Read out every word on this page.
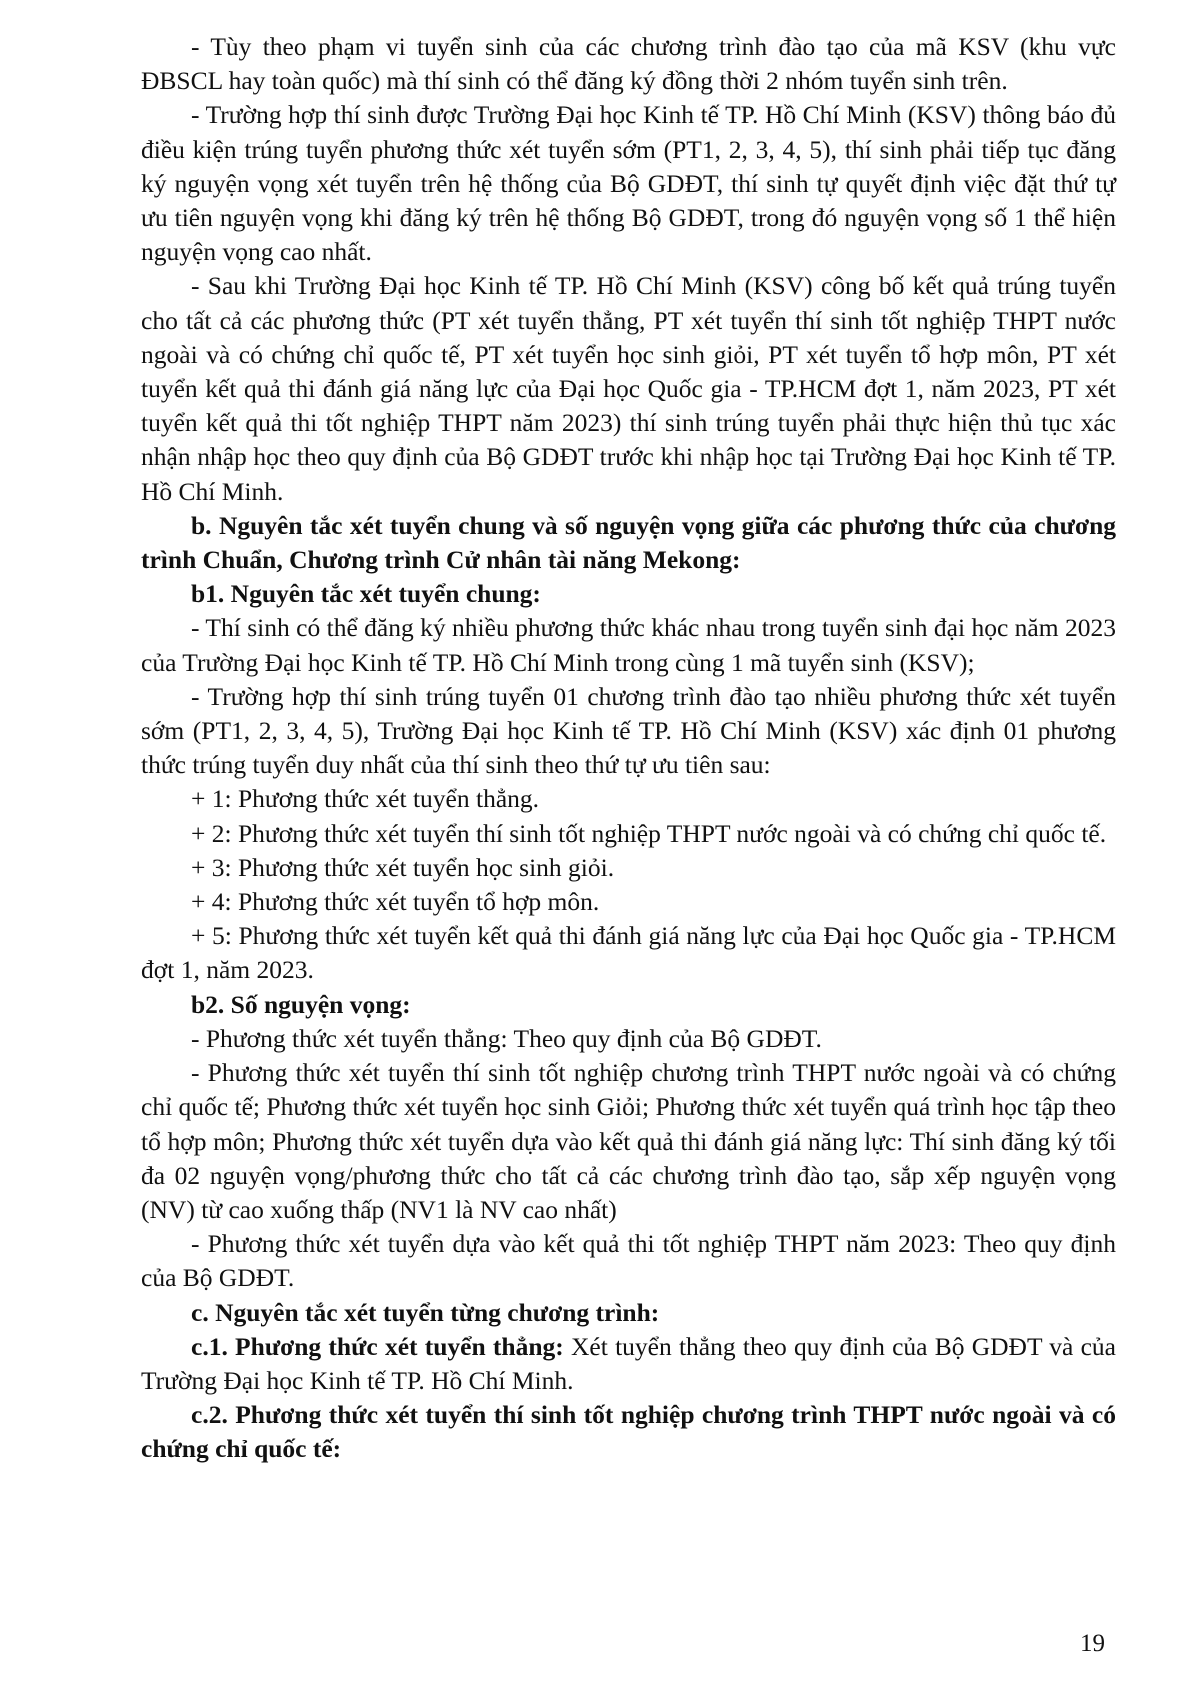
- Tùy theo phạm vi tuyển sinh của các chương trình đào tạo của mã KSV (khu vực ĐBSCL hay toàn quốc) mà thí sinh có thể đăng ký đồng thời 2 nhóm tuyển sinh trên.

- Trường hợp thí sinh được Trường Đại học Kinh tế TP. Hồ Chí Minh (KSV) thông báo đủ điều kiện trúng tuyển phương thức xét tuyển sớm (PT1, 2, 3, 4, 5), thí sinh phải tiếp tục đăng ký nguyện vọng xét tuyển trên hệ thống của Bộ GDĐT, thí sinh tự quyết định việc đặt thứ tự ưu tiên nguyện vọng khi đăng ký trên hệ thống Bộ GDĐT, trong đó nguyện vọng số 1 thể hiện nguyện vọng cao nhất.

- Sau khi Trường Đại học Kinh tế TP. Hồ Chí Minh (KSV) công bố kết quả trúng tuyển cho tất cả các phương thức (PT xét tuyển thẳng, PT xét tuyển thí sinh tốt nghiệp THPT nước ngoài và có chứng chỉ quốc tế, PT xét tuyển học sinh giỏi, PT xét tuyển tổ hợp môn, PT xét tuyển kết quả thi đánh giá năng lực của Đại học Quốc gia - TP.HCM đợt 1, năm 2023, PT xét tuyển kết quả thi tốt nghiệp THPT năm 2023) thí sinh trúng tuyển phải thực hiện thủ tục xác nhận nhập học theo quy định của Bộ GDĐT trước khi nhập học tại Trường Đại học Kinh tế TP. Hồ Chí Minh.

b. Nguyên tắc xét tuyển chung và số nguyện vọng giữa các phương thức của chương trình Chuẩn, Chương trình Cử nhân tài năng Mekong:

b1. Nguyên tắc xét tuyển chung:

- Thí sinh có thể đăng ký nhiều phương thức khác nhau trong tuyển sinh đại học năm 2023 của Trường Đại học Kinh tế TP. Hồ Chí Minh trong cùng 1 mã tuyển sinh (KSV);

- Trường hợp thí sinh trúng tuyển 01 chương trình đào tạo nhiều phương thức xét tuyển sớm (PT1, 2, 3, 4, 5), Trường Đại học Kinh tế TP. Hồ Chí Minh (KSV) xác định 01 phương thức trúng tuyển duy nhất của thí sinh theo thứ tự ưu tiên sau:

+ 1: Phương thức xét tuyển thẳng.

+ 2: Phương thức xét tuyển thí sinh tốt nghiệp THPT nước ngoài và có chứng chỉ quốc tế.

+ 3: Phương thức xét tuyển học sinh giỏi.

+ 4: Phương thức xét tuyển tổ hợp môn.

+ 5: Phương thức xét tuyển kết quả thi đánh giá năng lực của Đại học Quốc gia - TP.HCM đợt 1, năm 2023.

b2. Số nguyện vọng:

- Phương thức xét tuyển thẳng: Theo quy định của Bộ GDĐT.

- Phương thức xét tuyển thí sinh tốt nghiệp chương trình THPT nước ngoài và có chứng chỉ quốc tế; Phương thức xét tuyển học sinh Giỏi; Phương thức xét tuyển quá trình học tập theo tổ hợp môn; Phương thức xét tuyển dựa vào kết quả thi đánh giá năng lực: Thí sinh đăng ký tối đa 02 nguyện vọng/phương thức cho tất cả các chương trình đào tạo, sắp xếp nguyện vọng (NV) từ cao xuống thấp (NV1 là NV cao nhất)

- Phương thức xét tuyển dựa vào kết quả thi tốt nghiệp THPT năm 2023: Theo quy định của Bộ GDĐT.

c. Nguyên tắc xét tuyển từng chương trình:

c.1. Phương thức xét tuyển thẳng: Xét tuyển thẳng theo quy định của Bộ GDĐT và của Trường Đại học Kinh tế TP. Hồ Chí Minh.

c.2. Phương thức xét tuyển thí sinh tốt nghiệp chương trình THPT nước ngoài và có chứng chỉ quốc tế:

19
